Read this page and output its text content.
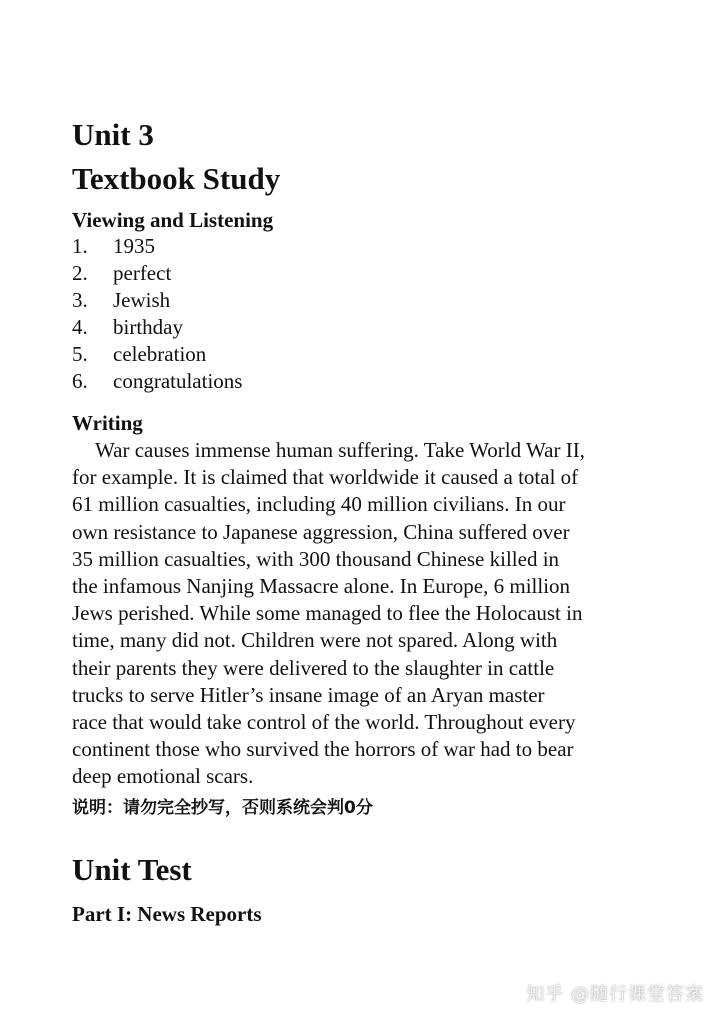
Unit 3
Textbook Study
Viewing and Listening
1.	1935
2.	perfect
3.	Jewish
4.	birthday
5.	celebration
6.	congratulations
Writing

War causes immense human suffering. Take World War II,
for example. It is claimed that worldwide it caused a total of
61 million casualties, including 40 million civilians. In our
own resistance to Japanese aggression, China suffered over
35 million casualties, with 300 thousand Chinese killed in
the infamous Nanjing Massacre alone. In Europe, 6 million
Jews perished. While some managed to flee the Holocaust in
time, many did not. Children were not spared. Along with
their parents they were delivered to the slaughter in cattle
trucks to serve Hitler’s insane image of an Aryan master
race that would take control of the world. Throughout every
continent those who survived the horrors of war had to bear
deep emotional scars.

说明：请勿完全抄写，否则系统会判0分

Unit Test
Part I: News Reports
知乎 @随行课堂答案
